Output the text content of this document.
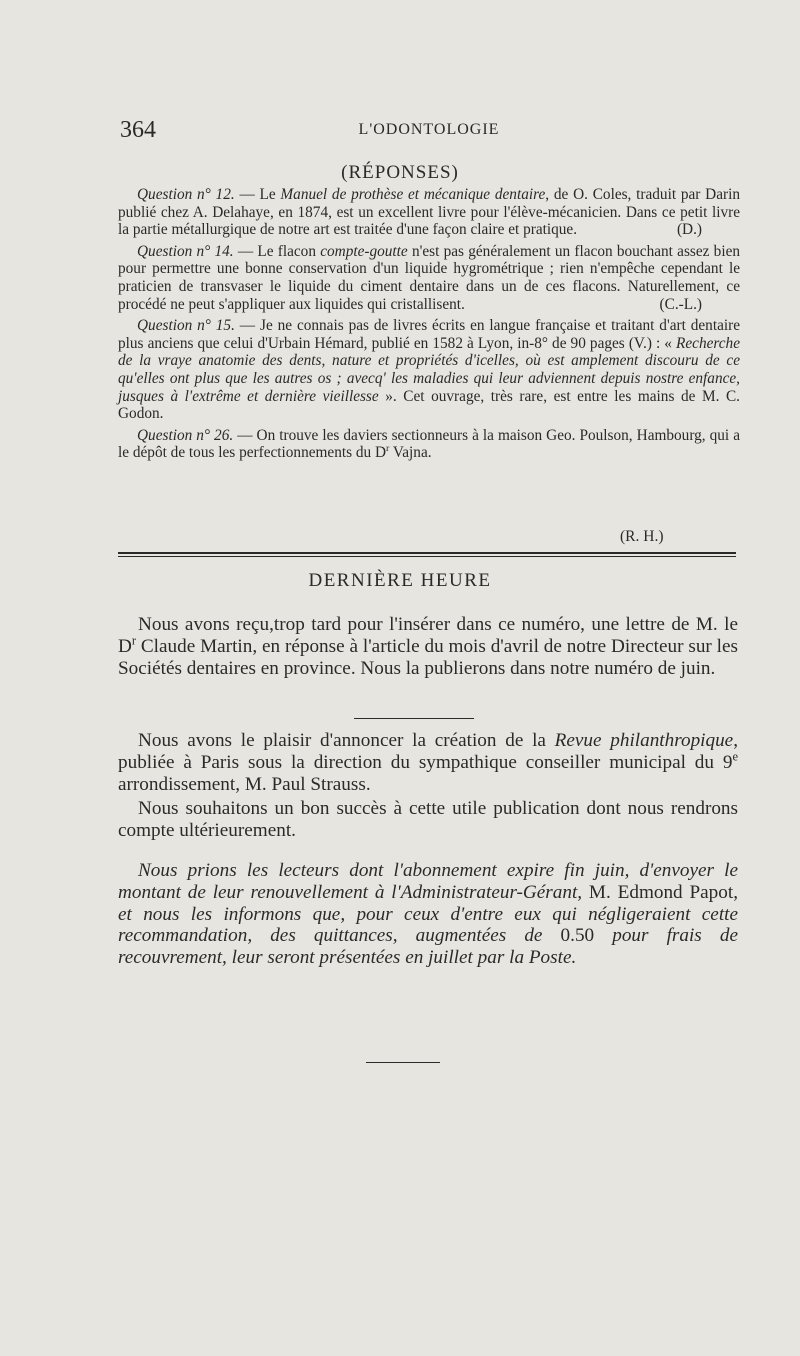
364	L'ODONTOLOGIE
(RÉPONSES)

Question n° 12. — Le Manuel de prothèse et mécanique dentaire, de O. Coles, traduit par Darin publié chez A. Delahaye, en 1874, est un excellent livre pour l'élève-mécanicien. Dans ce petit livre la partie métallurgique de notre art est traitée d'une façon claire et pratique.	(D.)

Question n° 14. — Le flacon compte-goutte n'est pas généralement un flacon bouchant assez bien pour permettre une bonne conservation d'un liquide hygrométrique ; rien n'empêche cependant le praticien de transvaser le liquide du ciment dentaire dans un de ces flacons. Naturellement, ce procédé ne peut s'appliquer aux liquides qui cristallisent.	(C.-L.)

Question n° 15. — Je ne connais pas de livres écrits en langue française et traitant d'art dentaire plus anciens que celui d'Urbain Hémard, publié en 1582 à Lyon, in-8° de 90 pages (V.) : « Recherche de la vraye anatomie des dents, nature et propriétés d'icelles, où est amplement discouru de ce qu'elles ont plus que les autres os ; avecq' les maladies qui leur adviennent depuis nostre enfance, jusques à l'extrême et dernière vieillesse ». Cet ouvrage, très rare, est entre les mains de M. C. Godon.

Question n° 26. — On trouve les daviers sectionneurs à la maison Geo. Poulson, Hambourg, qui a le dépôt de tous les perfectionnements du $D^r$ Vajna.

(R. H.)
DERNIÈRE HEURE

Nous avons reçu,trop tard pour l'insérer dans ce numéro, une lettre de M. le $D^r$ Claude Martin, en réponse à l'article du mois d'avril de notre Directeur sur les Sociétés dentaires en province. Nous la publierons dans notre numéro de juin.

Nous avons le plaisir d'annoncer la création de la Revue philanthropique, publiée à Paris sous la direction du sympathique conseiller municipal du 9e arrondissement, M. Paul Strauss.

Nous souhaitons un bon succès à cette utile publication dont nous rendrons compte ultérieurement.

Nous prions les lecteurs dont l'abonnement expire fin juin, d'envoyer le montant de leur renouvellement à l'Administrateur-Gérant, M. Edmond Papot, et nous les informons que, pour ceux d'entre eux qui négligeraient cette recommandation, des quittances, augmentées de 0.50 pour frais de recouvrement, leur seront présentées en juillet par la Poste.
